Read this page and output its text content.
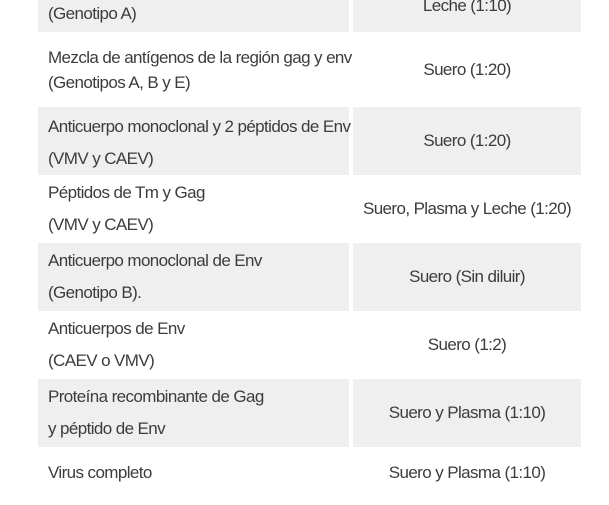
(Genotipo A)	Leche (1:10)
Mezcla de antígenos de la región gag y env
(Genotipos A, B y E)
Suero (1:20)
Anticuerpo monoclonal y 2 péptidos de Env
(VMV y CAEV)
Suero (1:20)
Péptidos de Tm y Gag
(VMV y CAEV)
Suero, Plasma y Leche (1:20)
Anticuerpo monoclonal de Env
(Genotipo B).
Suero (Sin diluir)
Anticuerpos de Env
(CAEV o VMV)
Suero (1:2)
Proteína recombinante de Gag
y péptido de Env
Suero y Plasma (1:10)
Virus completo	Suero y Plasma (1:10)
